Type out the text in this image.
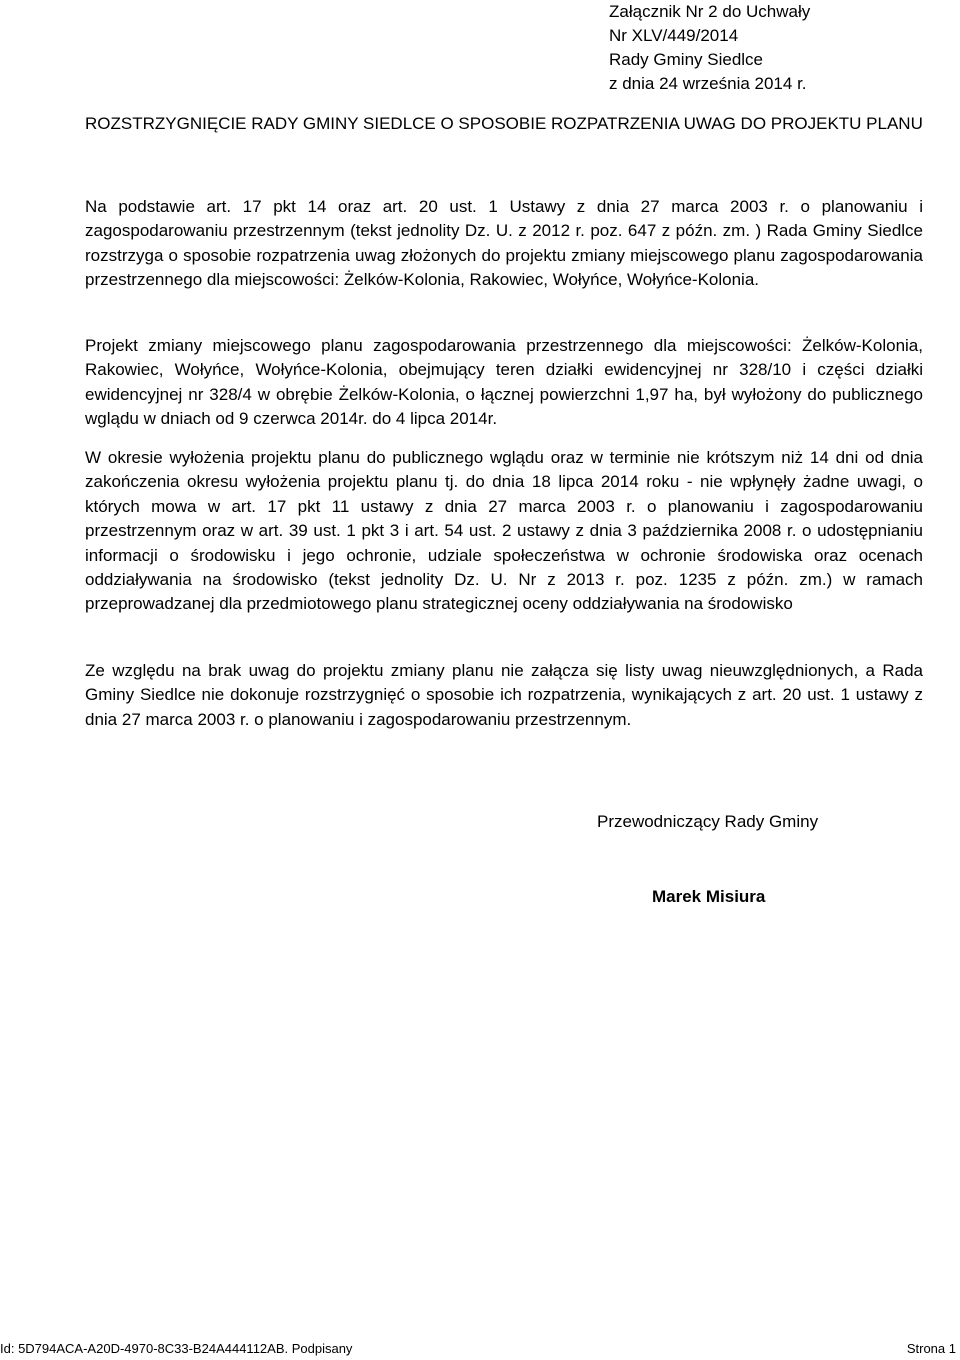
Załącznik Nr 2 do Uchwały
Nr XLV/449/2014
Rady Gminy Siedlce
z dnia 24 września 2014 r.
ROZSTRZYGNIĘCIE RADY GMINY SIEDLCE O SPOSOBIE ROZPATRZENIA UWAG DO PROJEKTU PLANU
Na podstawie art. 17 pkt 14 oraz art. 20 ust. 1 Ustawy z dnia 27 marca 2003 r. o planowaniu i zagospodarowaniu przestrzennym (tekst jednolity Dz. U. z 2012 r. poz. 647 z późn. zm. ) Rada Gminy Siedlce rozstrzyga o sposobie rozpatrzenia uwag złożonych do projektu zmiany miejscowego planu zagospodarowania przestrzennego dla miejscowości: Żelków-Kolonia, Rakowiec, Wołyńce, Wołyńce-Kolonia.
Projekt zmiany miejscowego planu zagospodarowania przestrzennego dla miejscowości: Żelków-Kolonia, Rakowiec, Wołyńce, Wołyńce-Kolonia, obejmujący teren działki ewidencyjnej nr 328/10 i części działki ewidencyjnej nr 328/4 w obrębie Żelków-Kolonia, o łącznej powierzchni 1,97 ha, był wyłożony do publicznego wglądu w dniach od 9 czerwca 2014r. do 4 lipca 2014r.
W okresie wyłożenia projektu planu do publicznego wglądu oraz w terminie nie krótszym niż 14 dni od dnia zakończenia okresu wyłożenia projektu planu tj. do dnia 18 lipca 2014 roku - nie wpłynęły żadne uwagi, o których mowa w art. 17 pkt 11 ustawy z dnia 27 marca 2003 r. o planowaniu i zagospodarowaniu przestrzennym oraz w art. 39 ust. 1 pkt 3 i art. 54 ust. 2 ustawy z dnia 3 października 2008 r. o udostępnianiu informacji o środowisku i jego ochronie, udziale społeczeństwa w ochronie środowiska oraz ocenach oddziaływania na środowisko (tekst jednolity Dz. U. Nr z 2013 r. poz. 1235 z późn. zm.) w ramach przeprowadzanej dla przedmiotowego planu strategicznej oceny oddziaływania na środowisko
Ze względu na brak uwag do projektu zmiany planu nie załącza się listy uwag nieuwzględnionych, a Rada Gminy Siedlce nie dokonuje rozstrzygnięć o sposobie ich rozpatrzenia, wynikających z art. 20 ust. 1 ustawy z dnia 27 marca 2003 r. o planowaniu i zagospodarowaniu przestrzennym.
Przewodniczący Rady Gminy
Marek Misiura
Id: 5D794ACA-A20D-4970-8C33-B24A444112AB. Podpisany	Strona 1
